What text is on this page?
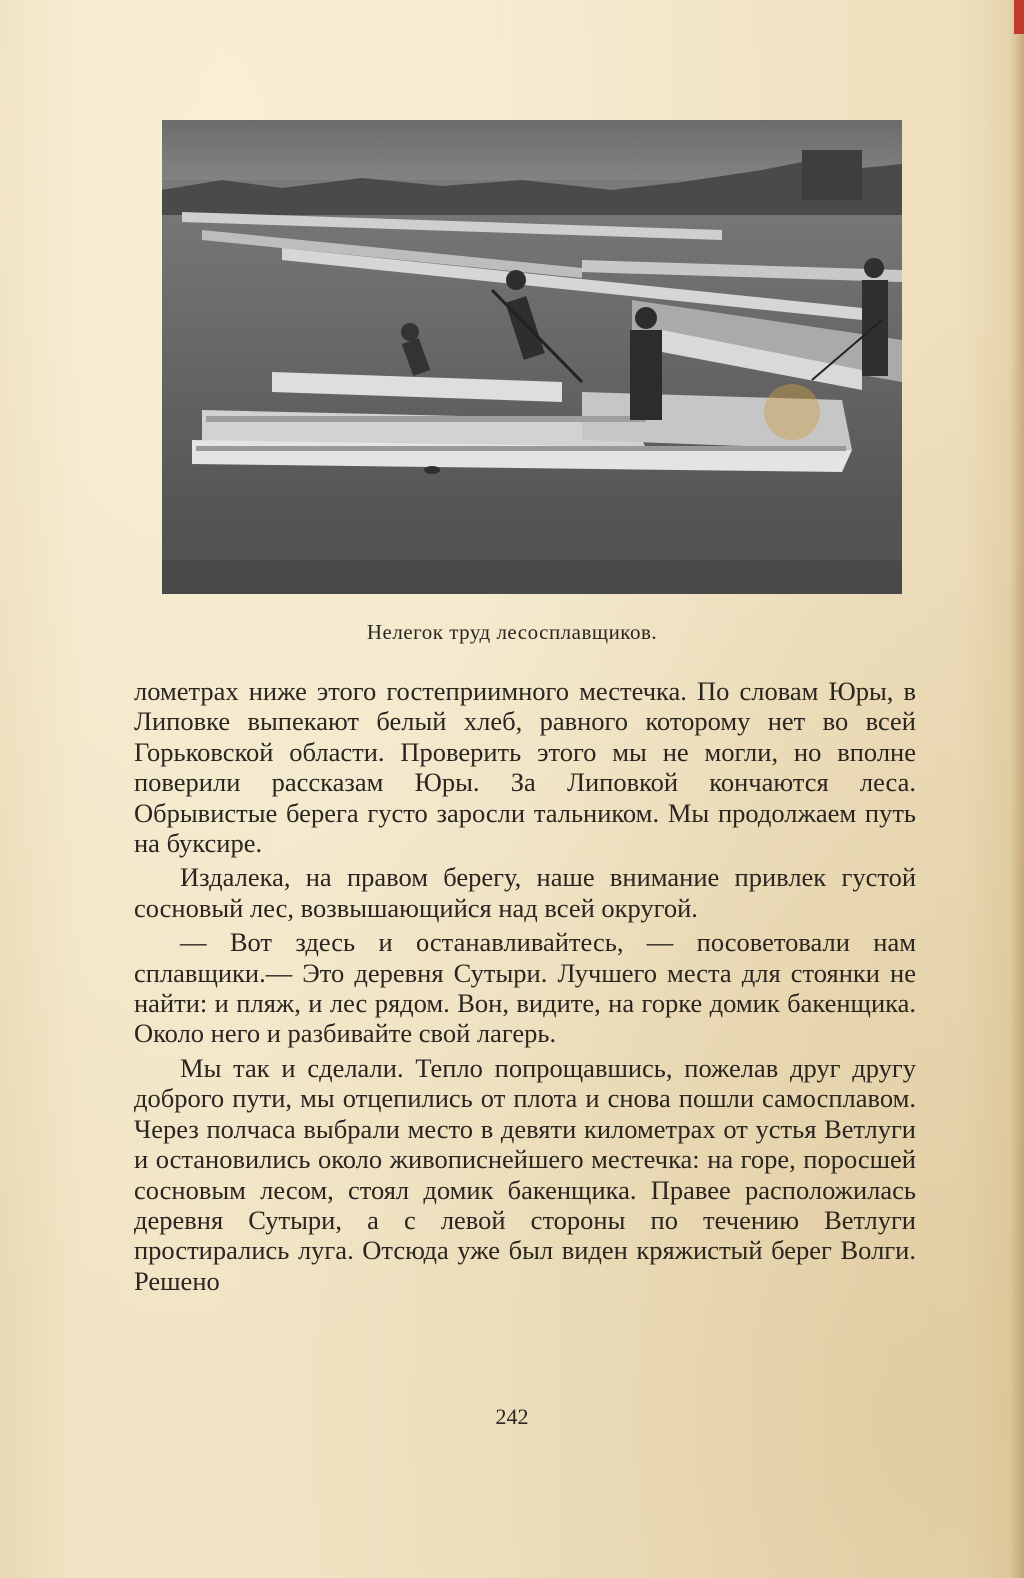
Нелегок труд лесосплавщиков.

лометрах ниже этого гостеприимного местечка. По словам Юры, в Липовке выпекают белый хлеб, равного которому нет во всей Горьковской области. Проверить этого мы не могли, но вполне поверили рассказам Юры. За Липовкой кончаются леса. Обрывистые берега густо заросли тальником. Мы продолжаем путь на буксире.

Издалека, на правом берегу, наше внимание привлек густой сосновый лес, возвышающийся над всей округой.

— Вот здесь и останавливайтесь, — посоветовали нам сплавщики.— Это деревня Сутыри. Лучшего места для стоянки не найти: и пляж, и лес рядом. Вон, видите, на горке домик бакенщика. Около него и разбивайте свой лагерь.

Мы так и сделали. Тепло попрощавшись, пожелав друг другу доброго пути, мы отцепились от плота и снова пошли самосплавом. Через полчаса выбрали место в девяти километрах от устья Ветлуги и остановились около живописнейшего местечка: на горе, поросшей сосновым лесом, стоял домик бакенщика. Правее расположилась деревня Сутыри, а с левой стороны по течению Ветлуги простирались луга. Отсюда уже был виден кряжистый берег Волги. Решено

242
